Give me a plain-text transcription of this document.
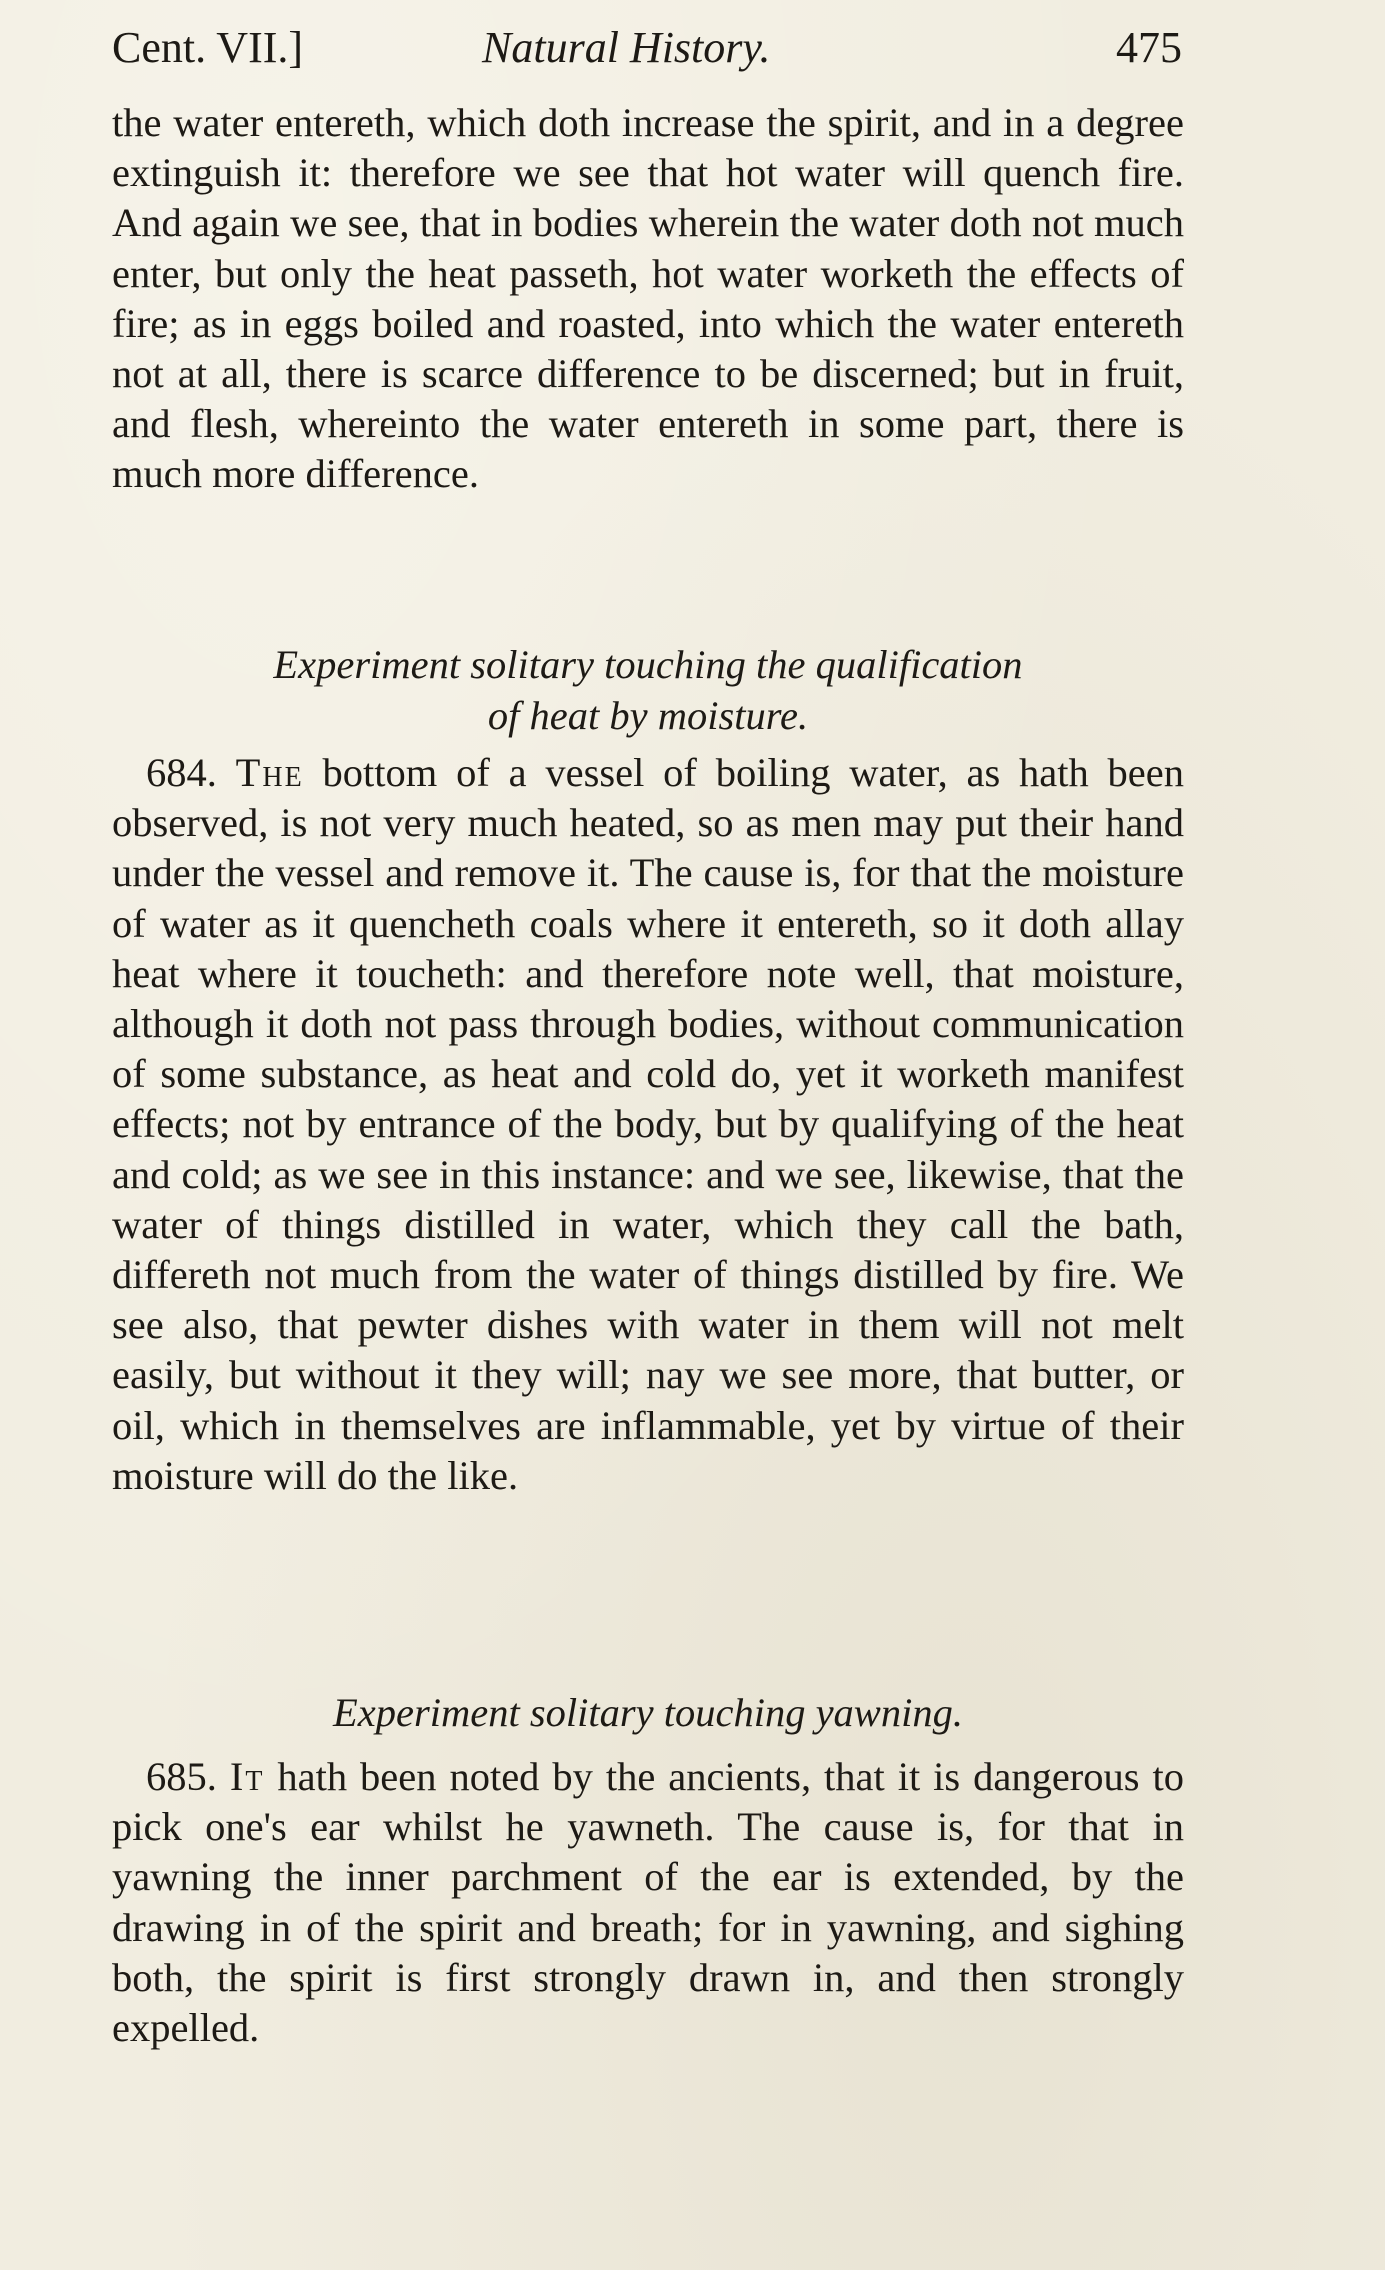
Cent. VII.]	Natural History.	475
the water entereth, which doth increase the spirit, and in a degree extinguish it: therefore we see that hot water will quench fire. And again we see, that in bodies wherein the water doth not much enter, but only the heat passeth, hot water worketh the effects of fire; as in eggs boiled and roasted, into which the water entereth not at all, there is scarce difference to be discerned; but in fruit, and flesh, whereinto the water entereth in some part, there is much more difference.
Experiment solitary touching the qualification
of heat by moisture.
684. The bottom of a vessel of boiling water, as hath been observed, is not very much heated, so as men may put their hand under the vessel and remove it. The cause is, for that the moisture of water as it quencheth coals where it entereth, so it doth allay heat where it toucheth: and therefore note well, that moisture, although it doth not pass through bodies, without communication of some substance, as heat and cold do, yet it worketh manifest effects; not by entrance of the body, but by qualifying of the heat and cold; as we see in this instance: and we see, likewise, that the water of things distilled in water, which they call the bath, differeth not much from the water of things distilled by fire. We see also, that pewter dishes with water in them will not melt easily, but without it they will; nay we see more, that butter, or oil, which in themselves are inflammable, yet by virtue of their moisture will do the like.
Experiment solitary touching yawning.
685. It hath been noted by the ancients, that it is dangerous to pick one's ear whilst he yawneth. The cause is, for that in yawning the inner parchment of the ear is extended, by the drawing in of the spirit and breath; for in yawning, and sighing both, the spirit is first strongly drawn in, and then strongly expelled.
